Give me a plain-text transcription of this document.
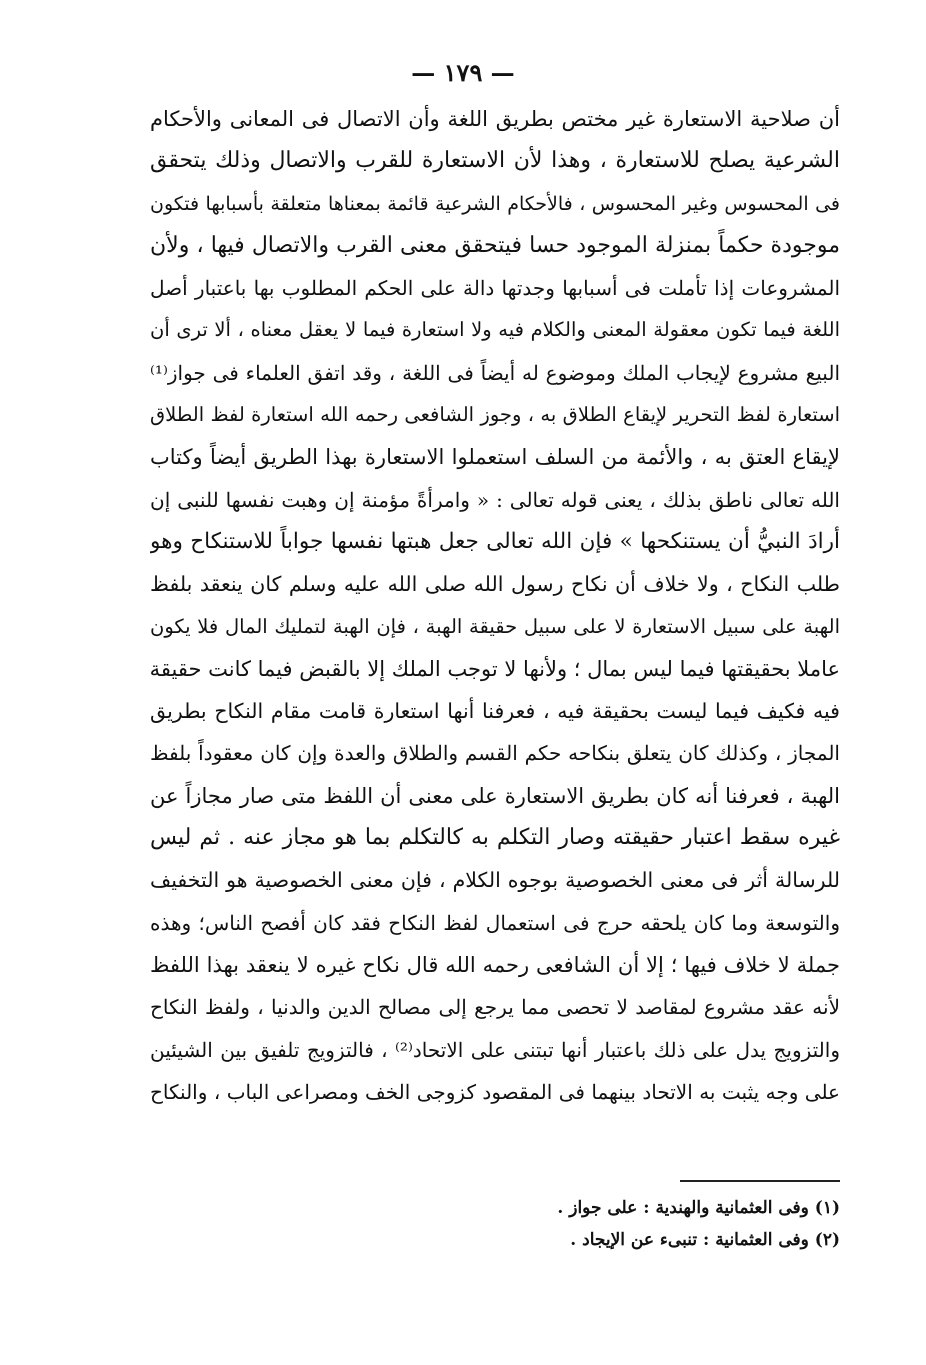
— ١٧٩ —
أن صلاحية الاستعارة غير مختص بطريق اللغة وأن الاتصال فى المعانى والأحكام
الشرعية يصلح للاستعارة ، وهذا لأن الاستعارة للقرب والاتصال وذلك يتحقق
فى المحسوس وغير المحسوس ، فالأحكام الشرعية قائمة بمعناها متعلقة بأسبابها فتكون
موجودة حكماً بمنزلة الموجود حسا فيتحقق معنى القرب والاتصال فيها ، ولأن
المشروعات إذا تأملت فى أسبابها وجدتها دالة على الحكم المطلوب بها باعتبار أصل
اللغة فيما تكون معقولة المعنى والكلام فيه ولا استعارة فيما لا يعقل معناه ، ألا ترى أن
البيع مشروع لإيجاب الملك وموضوع له أيضاً فى اللغة ، وقد اتفق العلماء فى جواز⁽¹⁾
استعارة لفظ التحرير لإيقاع الطلاق به ، وجوز الشافعى رحمه الله استعارة لفظ الطلاق
لإيقاع العتق به ، والأئمة من السلف استعملوا الاستعارة بهذا الطريق أيضاً وكتاب
الله تعالى ناطق بذلك ، يعنى قوله تعالى : « وامرأةً مؤمنة إن وهبت نفسها للنبى إن
أرادَ النبيُّ أن يستنكحها » فإن الله تعالى جعل هبتها نفسها جواباً للاستنكاح وهو
طلب النكاح ، ولا خلاف أن نكاح رسول الله صلى الله عليه وسلم كان ينعقد بلفظ
الهبة على سبيل الاستعارة لا على سبيل حقيقة الهبة ، فإن الهبة لتمليك المال فلا يكون
عاملا بحقيقتها فيما ليس بمال ؛ ولأنها لا توجب الملك إلا بالقبض فيما كانت حقيقة
فيه فكيف فيما ليست بحقيقة فيه ، فعرفنا أنها استعارة قامت مقام النكاح بطريق
المجاز ، وكذلك كان يتعلق بنكاحه حكم القسم والطلاق والعدة وإن كان معقوداً بلفظ
الهبة ، فعرفنا أنه كان بطريق الاستعارة على معنى أن اللفظ متى صار مجازاً عن
غيره سقط اعتبار حقيقته وصار التكلم به كالتكلم بما هو مجاز عنه . ثم ليس
للرسالة أثر فى معنى الخصوصية بوجوه الكلام ، فإن معنى الخصوصية هو التخفيف
والتوسعة وما كان يلحقه حرج فى استعمال لفظ النكاح فقد كان أفصح الناس؛ وهذه
جملة لا خلاف فيها ؛ إلا أن الشافعى رحمه الله قال نكاح غيره لا ينعقد بهذا اللفظ
لأنه عقد مشروع لمقاصد لا تحصى مما يرجع إلى مصالح الدين والدنيا ، ولفظ النكاح
والتزويج يدل على ذلك باعتبار أنها تبتنى على الاتحاد⁽²⁾ ، فالتزويج تلفيق بين الشيئين
على وجه يثبت به الاتحاد بينهما فى المقصود كزوجى الخف ومصراعى الباب ، والنكاح
(١) وفى العثمانية والهندية : على جواز .
(٢) وفى العثمانية : تنبىء عن الإيجاد .
